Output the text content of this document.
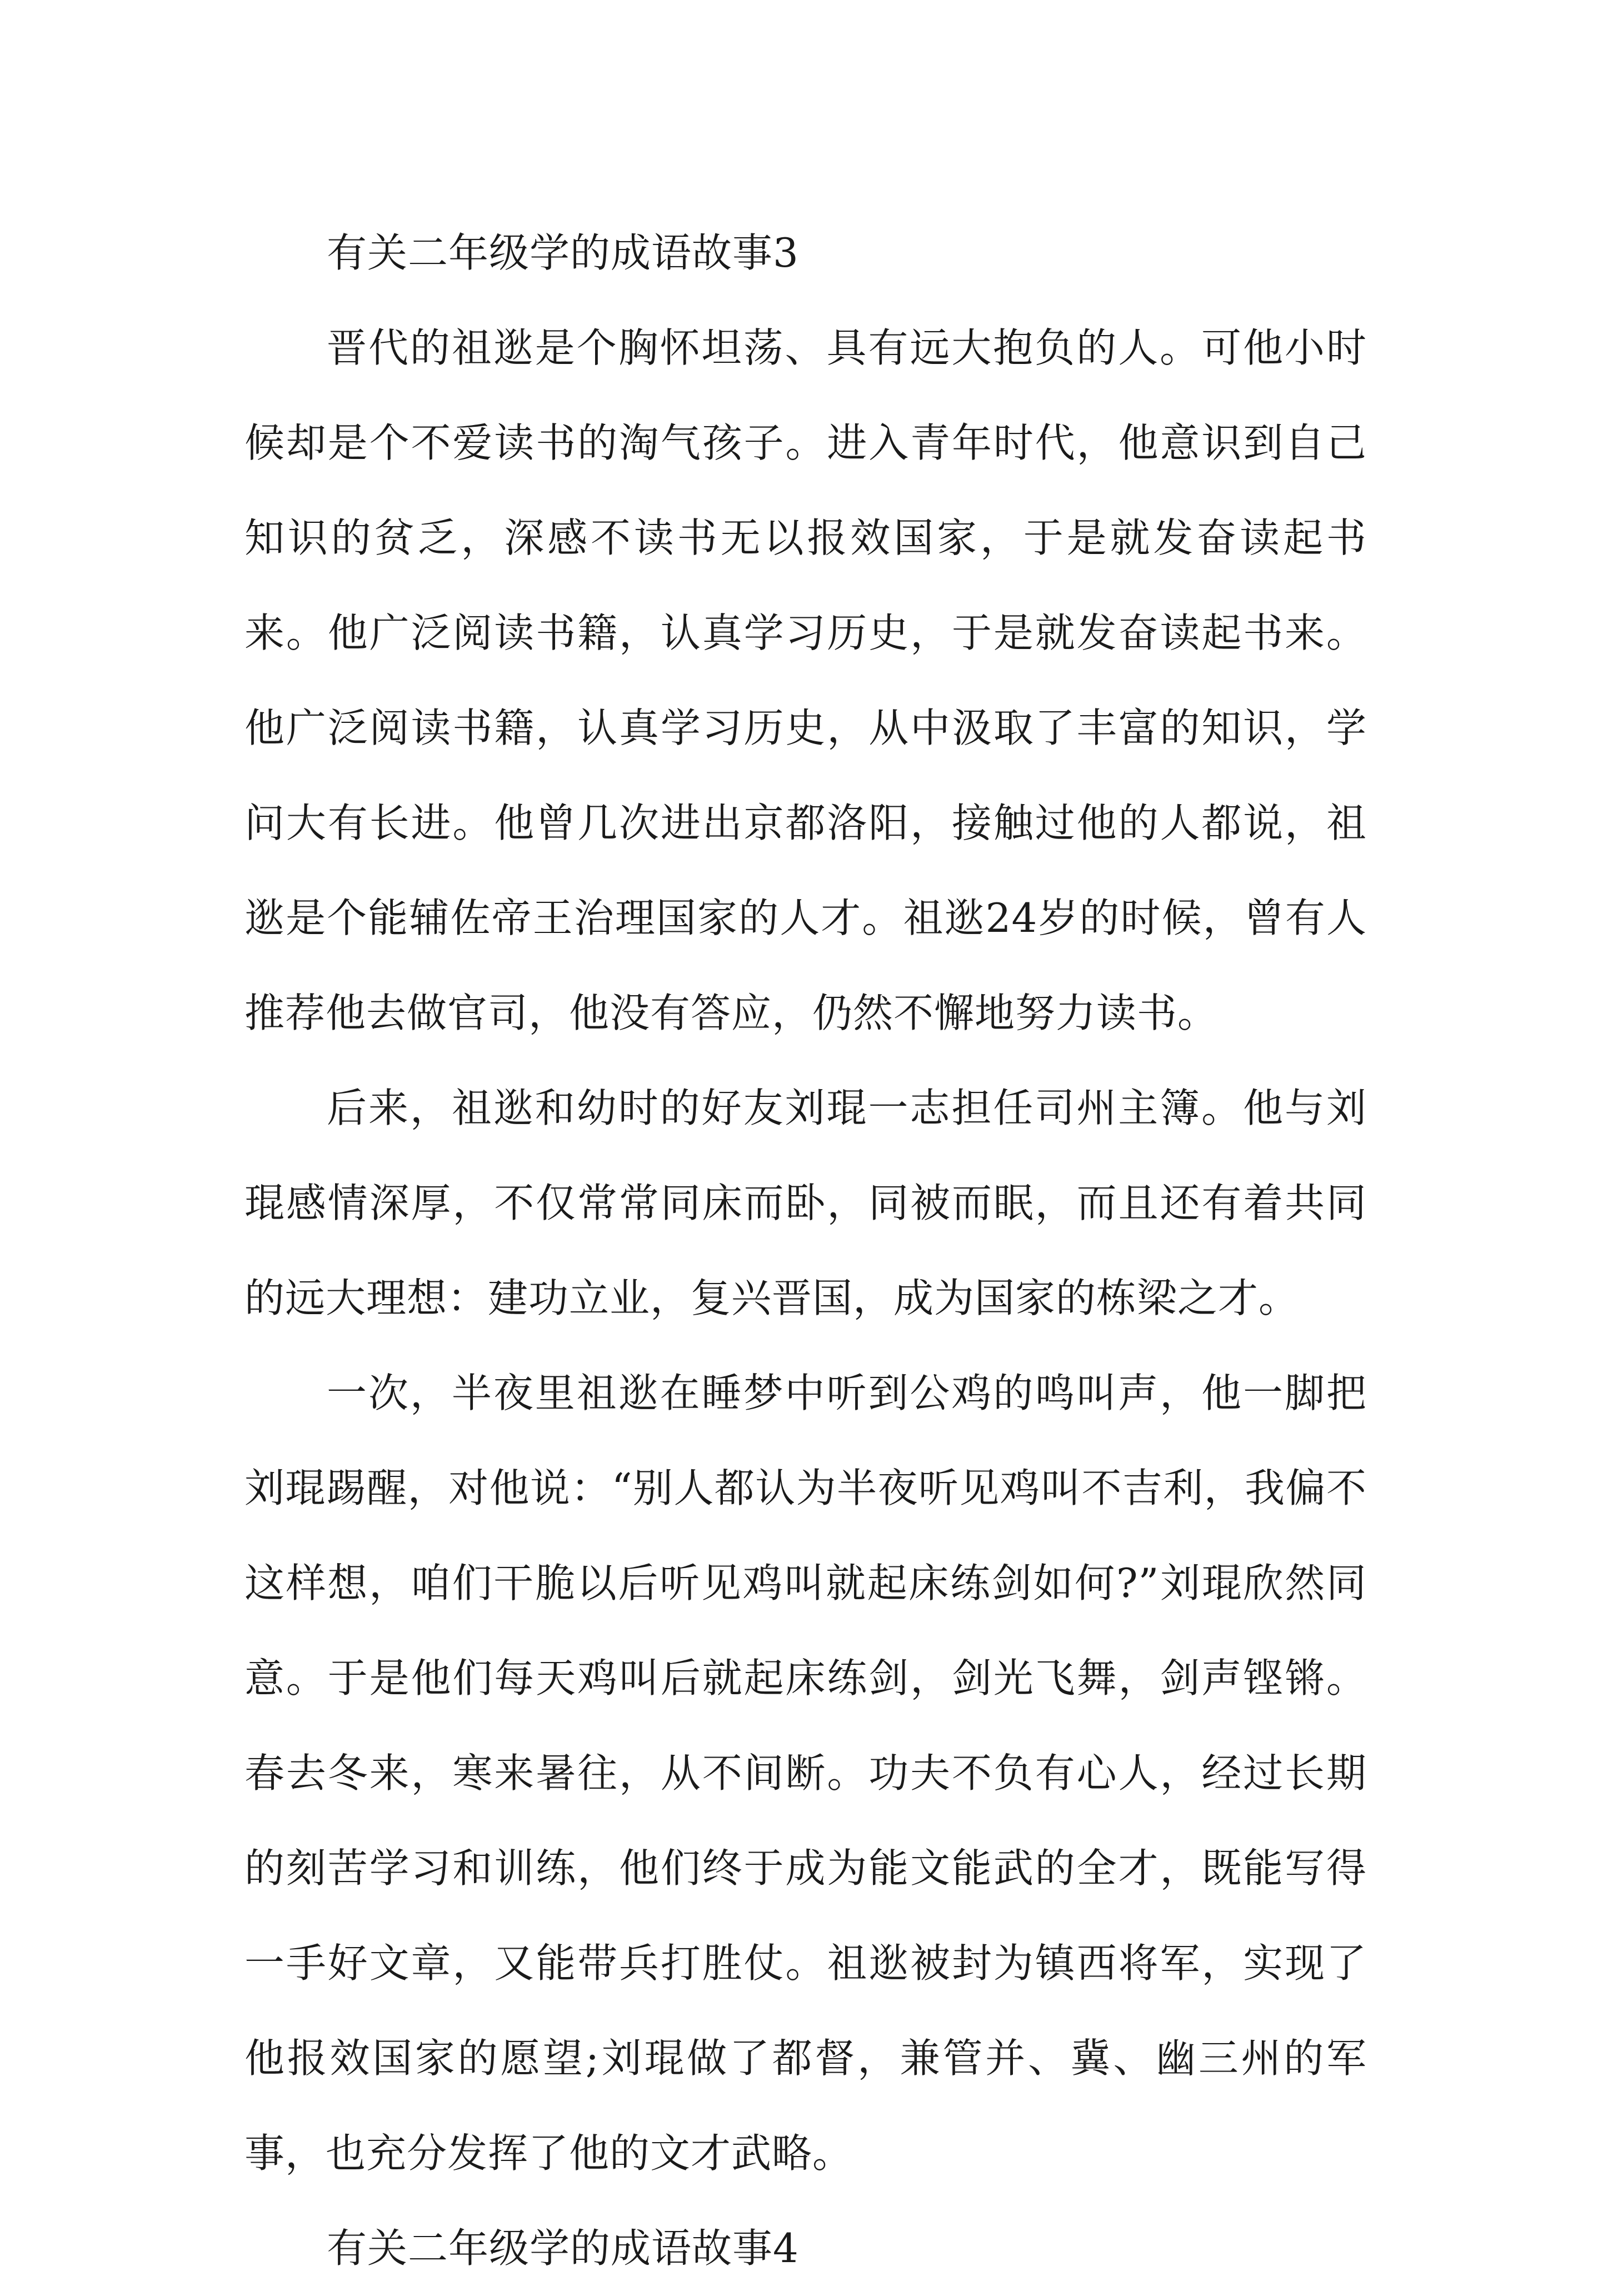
有关二年级学的成语故事3

晋代的祖逖是个胸怀坦荡、具有远大抱负的人。可他小时候却是个不爱读书的淘气孩子。进入青年时代，他意识到自己知识的贫乏，深感不读书无以报效国家，于是就发奋读起书来。他广泛阅读书籍，认真学习历史，于是就发奋读起书来。他广泛阅读书籍，认真学习历史，从中汲取了丰富的知识，学问大有长进。他曾几次进出京都洛阳，接触过他的人都说，祖逖是个能辅佐帝王治理国家的人才。祖逖24岁的时候，曾有人推荐他去做官司，他没有答应，仍然不懈地努力读书。

后来，祖逖和幼时的好友刘琨一志担任司州主簿。他与刘琨感情深厚，不仅常常同床而卧，同被而眠，而且还有着共同的远大理想：建功立业，复兴晋国，成为国家的栋梁之才。

一次，半夜里祖逖在睡梦中听到公鸡的鸣叫声，他一脚把刘琨踢醒，对他说：“别人都认为半夜听见鸡叫不吉利，我偏不这样想，咱们干脆以后听见鸡叫就起床练剑如何?”刘琨欣然同意。于是他们每天鸡叫后就起床练剑，剑光飞舞，剑声铿锵。春去冬来，寒来暑往，从不间断。功夫不负有心人，经过长期的刻苦学习和训练，他们终于成为能文能武的全才，既能写得一手好文章，又能带兵打胜仗。祖逖被封为镇西将军，实现了他报效国家的愿望;刘琨做了都督，兼管并、冀、幽三州的军事，也充分发挥了他的文才武略。

有关二年级学的成语故事4
